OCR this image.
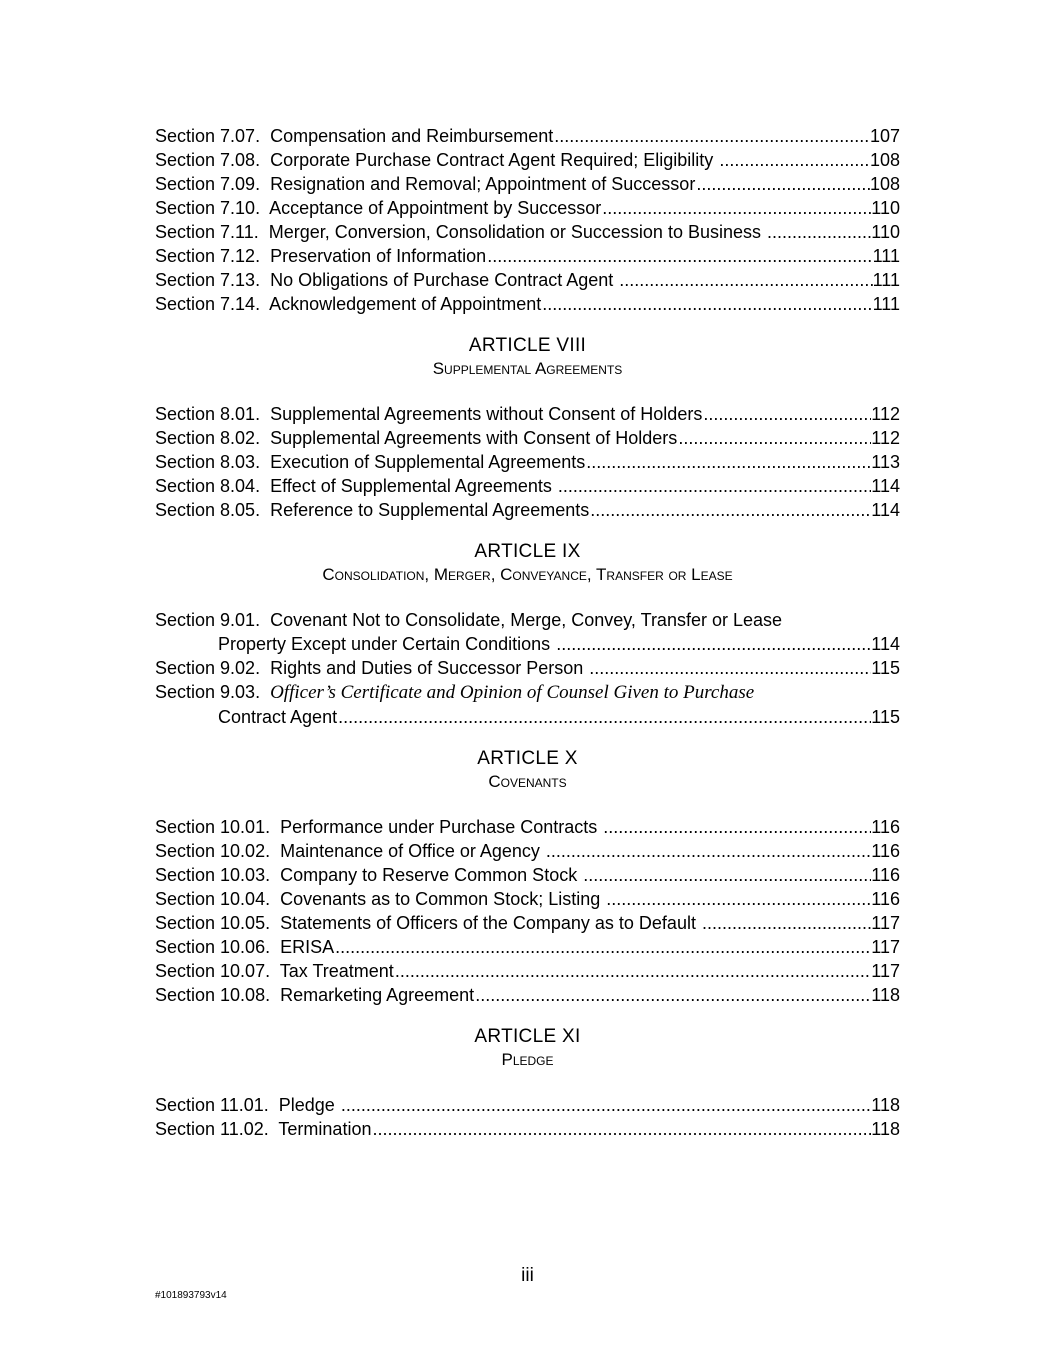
Section 7.07.  Compensation and Reimbursement .....	107
Section 7.08.  Corporate Purchase Contract Agent Required; Eligibility .....	108
Section 7.09.  Resignation and Removal; Appointment of Successor .....	108
Section 7.10.  Acceptance of Appointment by Successor .....	110
Section 7.11.  Merger, Conversion, Consolidation or Succession to Business .....	110
Section 7.12.  Preservation of Information .....	111
Section 7.13.  No Obligations of Purchase Contract Agent .....	111
Section 7.14.  Acknowledgement of Appointment .....	111
ARTICLE VIII
Supplemental Agreements
Section 8.01.  Supplemental Agreements without Consent of Holders .....	112
Section 8.02.  Supplemental Agreements with Consent of Holders .....	112
Section 8.03.  Execution of Supplemental Agreements .....	113
Section 8.04.  Effect of Supplemental Agreements .....	114
Section 8.05.  Reference to Supplemental Agreements .....	114
ARTICLE IX
Consolidation, Merger, Conveyance, Transfer or Lease
Section 9.01.  Covenant Not to Consolidate, Merge, Convey, Transfer or Lease
Property Except under Certain Conditions .....	114
Section 9.02.  Rights and Duties of Successor Person .....	115
Section 9.03.  Officer’s Certificate and Opinion of Counsel Given to Purchase
Contract Agent .....	115
ARTICLE X
Covenants
Section 10.01.  Performance under Purchase Contracts .....	116
Section 10.02.  Maintenance of Office or Agency .....	116
Section 10.03.  Company to Reserve Common Stock .....	116
Section 10.04.  Covenants as to Common Stock; Listing .....	116
Section 10.05.  Statements of Officers of the Company as to Default .....	117
Section 10.06.  ERISA .....	117
Section 10.07.  Tax Treatment .....	117
Section 10.08.  Remarketing Agreement .....	118
ARTICLE XI
Pledge
Section 11.01.  Pledge .....	118
Section 11.02.  Termination .....	118
iii
#101893793v14
